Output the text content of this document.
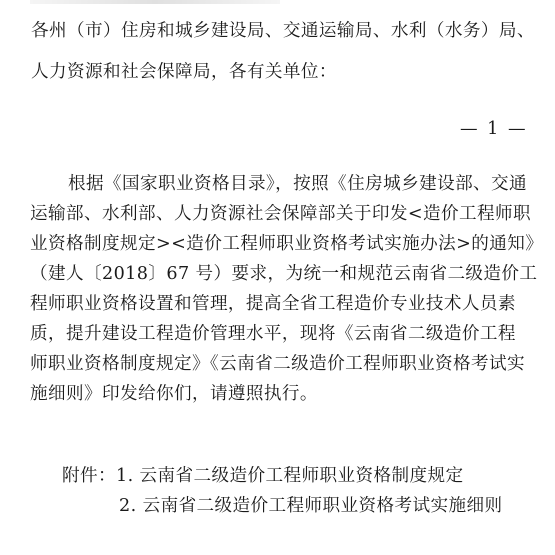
各州（市）住房和城乡建设局、交通运输局、水利（水务）局、
人力资源和社会保障局，各有关单位：
— 1 —
根据《国家职业资格目录》，按照《住房城乡建设部、交通
运输部、水利部、人力资源社会保障部关于印发<造价工程师职
业资格制度规定><造价工程师职业资格考试实施办法>的通知》
（建人〔2018〕67 号）要求，为统一和规范云南省二级造价工
程师职业资格设置和管理，提高全省工程造价专业技术人员素
质，提升建设工程造价管理水平，现将《云南省二级造价工程
师职业资格制度规定》《云南省二级造价工程师职业资格考试实
施细则》印发给你们，请遵照执行。
附件：1. 云南省二级造价工程师职业资格制度规定
2. 云南省二级造价工程师职业资格考试实施细则
